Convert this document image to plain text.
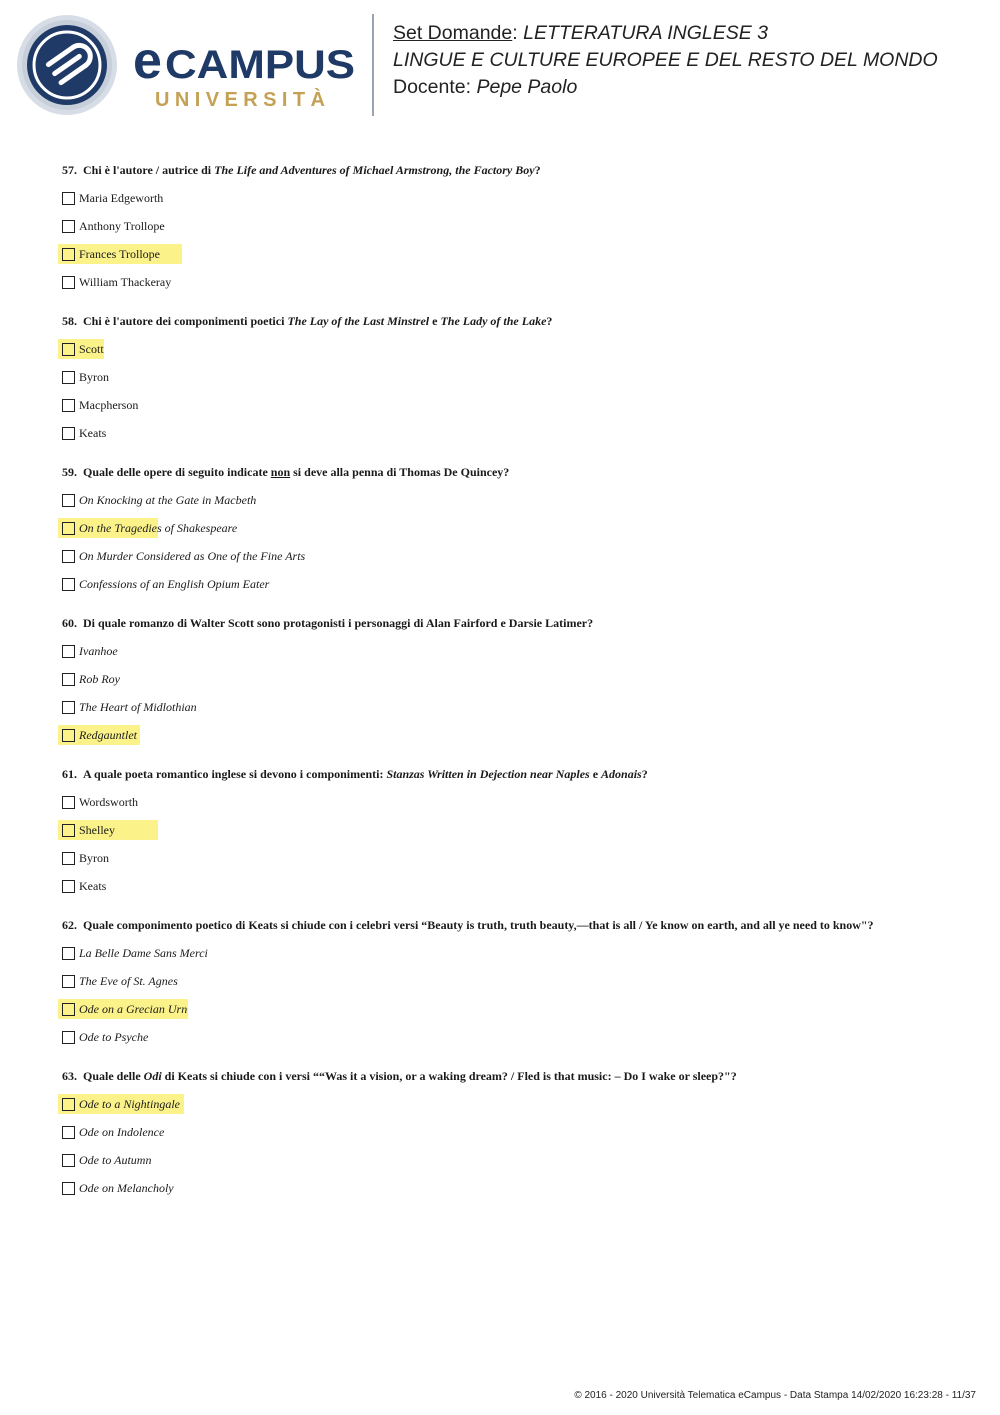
e CAMPUS
UNIVERSITÀ
Set Domande: LETTERATURA INGLESE 3
LINGUE E CULTURE EUROPEE E DEL RESTO DEL MONDO
Docente: Pepe Paolo
57. Chi è l'autore / autrice di The Life and Adventures of Michael Armstrong, the Factory Boy?
Maria Edgeworth
Anthony Trollope
Frances Trollope
William Thackeray
58. Chi è l'autore dei componimenti poetici The Lay of the Last Minstrel e The Lady of the Lake?
Scott
Byron
Macpherson
Keats
59. Quale delle opere di seguito indicate non si deve alla penna di Thomas De Quincey?
On Knocking at the Gate in Macbeth
On the Tragedies of Shakespeare
On Murder Considered as One of the Fine Arts
Confessions of an English Opium Eater
60. Di quale romanzo di Walter Scott sono protagonisti i personaggi di Alan Fairford e Darsie Latimer?
Ivanhoe
Rob Roy
The Heart of Midlothian
Redgauntlet
61. A quale poeta romantico inglese si devono i componimenti: Stanzas Written in Dejection near Naples e Adonais?
Wordsworth
Shelley
Byron
Keats
62. Quale componimento poetico di Keats si chiude con i celebri versi “Beauty is truth, truth beauty,—that is all / Ye know on earth, and all ye need to know"?
La Belle Dame Sans Merci
The Eve of St. Agnes
Ode on a Grecian Urn
Ode to Psyche
63. Quale delle Odi di Keats si chiude con i versi ““Was it a vision, or a waking dream? / Fled is that music: – Do I wake or sleep?"?
Ode to a Nightingale
Ode on Indolence
Ode to Autumn
Ode on Melancholy
© 2016 - 2020 Università Telematica eCampus - Data Stampa 14/02/2020 16:23:28 - 11/37
